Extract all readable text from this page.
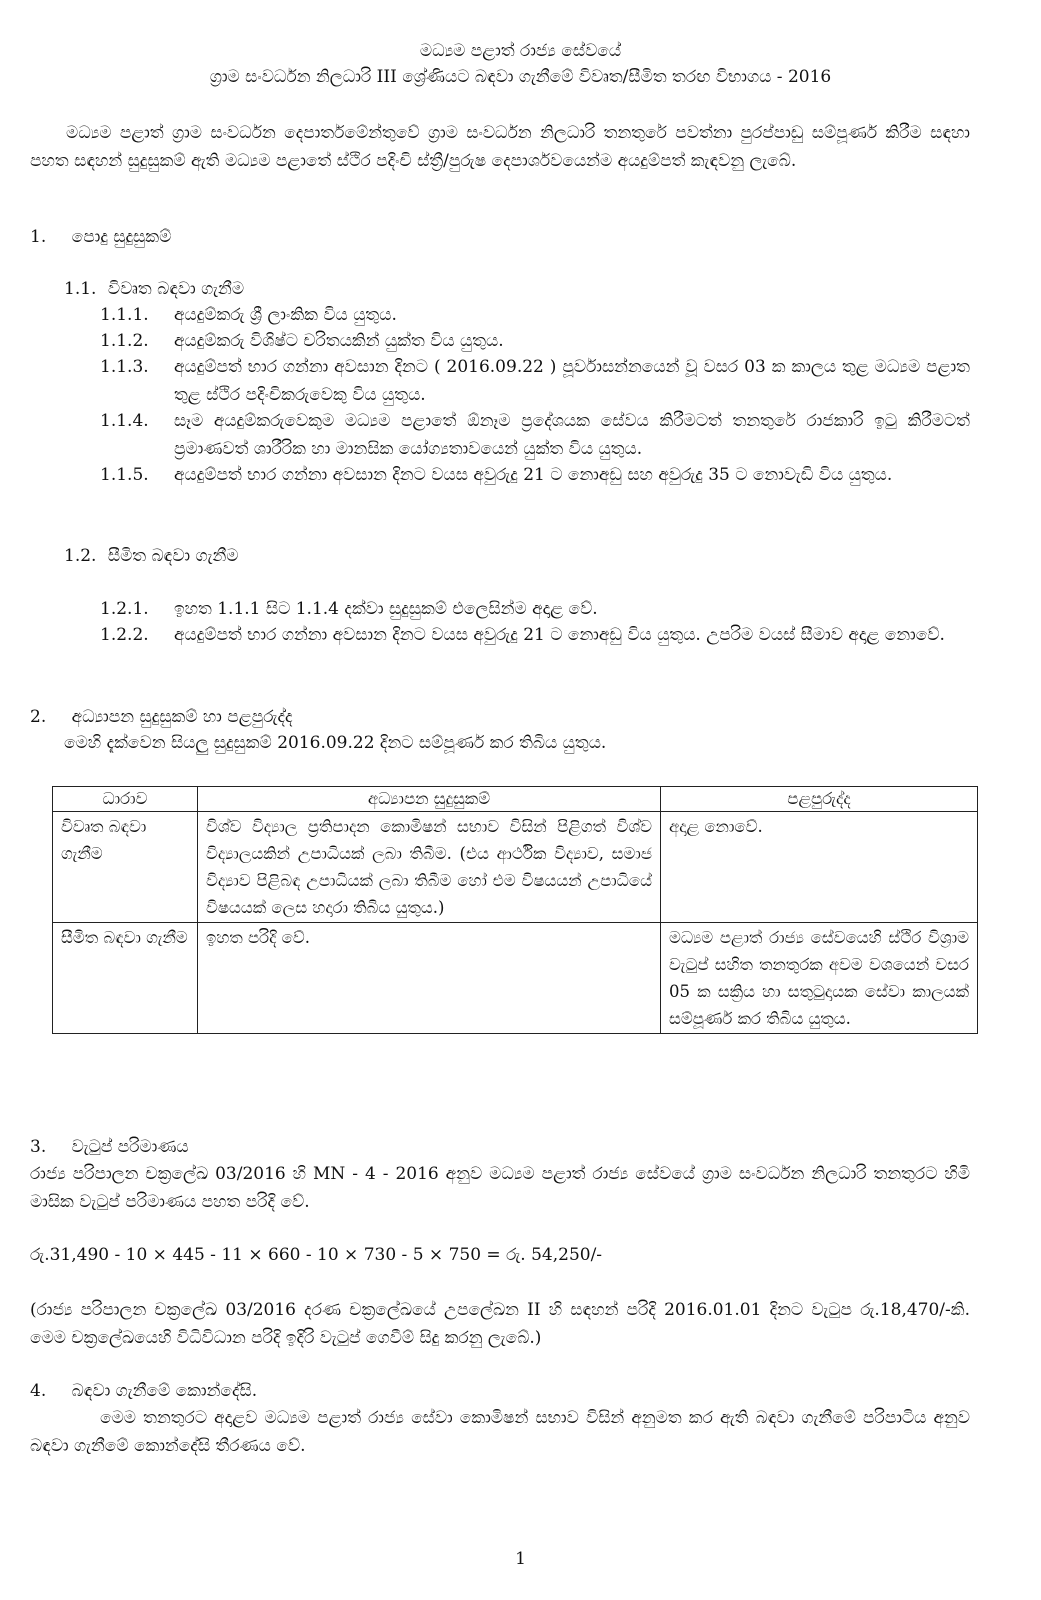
මධ්‍යම පළාත් රාජ්‍ය සේවයේ
ග්‍රාම සංවර්ධන නිලධාරි III ශ්‍රේණියට බඳවා ගැනීමේ විවෘත/සීමිත තරඟ විභාගය - 2016
මධ්‍යම පළාත් ග්‍රාම සංවර්ධන දෙපාර්තමේන්තුවේ ග්‍රාම සංවර්ධන නිලධාරි තනතුරේ පවත්නා පුරප්පාඩු සම්පූර්ණ කිරීම සඳහා පහත සඳහන් සුදුසුකම් ඇති මධ්‍යම පළාතේ ස්ථිර පදිංචි ස්ත්‍රී/පුරුෂ දෙපාර්ශවයෙන්ම අයදුම්පත් කැඳවනු ලැබේ.
1. පොදු සුදුසුකම්
1.1. විවෘත බඳවා ගැනීම
1.1.1.	අයදුම්කරු ශ්‍රී ලාංකික විය යුතුය.
1.1.2.	අයදුම්කරු විශිෂ්ට චරිතයකින් යුක්ත විය යුතුය.
1.1.3.	අයදුම්පත් භාර ගන්නා අවසාන දිනට ( 2016.09.22 ) පූර්වාසන්නයෙන් වූ වසර 03 ක කාලය තුළ මධ්‍යම පළාත තුළ ස්ථිර පදිංචිකරුවෙකු විය යුතුය.
1.1.4.	සෑම අයදුම්කරුවෙකුම මධ්‍යම පළාතේ ඕනෑම ප්‍රදේශයක සේවය කිරීමටත් තනතුරේ රාජකාරි ඉටු කිරීමටත් ප්‍රමාණවත් ශාරීරික හා මානසික යෝග්‍යතාවයෙන් යුක්ත විය යුතුය.
1.1.5.	අයදුම්පත් භාර ගන්නා අවසාන දිනට වයස අවුරුදු 21 ට නොඅඩු සහ අවුරුදු 35 ට නොවැඩි විය යුතුය.
1.2. සීමිත බඳවා ගැනීම
1.2.1.	ඉහත 1.1.1 සිට 1.1.4 දක්වා සුදුසුකම් එලෙසින්ම අදාළ වේ.
1.2.2.	අයදුම්පත් භාර ගන්නා අවසාන දිනට වයස අවුරුදු 21 ට නොඅඩු විය යුතුය. උපරිම වයස් සීමාව අදාළ නොවේ.
2. අධ්‍යාපන සුදුසුකම් හා පළපුරුද්ද
මෙහි දැක්වෙන සියලු සුදුසුකම් 2016.09.22 දිනට සම්පූර්ණ කර තිබිය යුතුය.
ධාරාව	අධ්‍යාපන සුදුසුකම්	පළපුරුද්ද
විවෘත බඳවා ගැනීම	විශ්ව විද්‍යාල ප්‍රතිපාදන කොමිෂන් සභාව විසින් පිළිගත් විශ්ව විද්‍යාලයකින් උපාධියක් ලබා තිබීම. (එය ආර්ථික විද්‍යාව, සමාජ විද්‍යාව පිළිබඳ උපාධියක් ලබා තිබීම හෝ එම විෂයයන් උපාධියේ විෂයයක් ලෙස හදාරා තිබිය යුතුය.)	අදාළ නොවේ.
සීමිත බඳවා ගැනීම	ඉහත පරිදි වේ.	මධ්‍යම පළාත් රාජ්‍ය සේවයෙහි ස්ථිර විශ්‍රාම වැටුප් සහිත තනතුරක අවම වශයෙන් වසර 05 ක සක්‍රිය හා සතුටුදායක සේවා කාලයක් සම්පූර්ණ කර තිබිය යුතුය.
3. වැටුප් පරිමාණය
රාජ්‍ය පරිපාලන චක්‍රලේඛ 03/2016 හි MN - 4 - 2016 අනුව මධ්‍යම පළාත් රාජ්‍ය සේවයේ ග්‍රාම සංවර්ධන නිලධාරි තනතුරට හිමි මාසික වැටුප් පරිමාණය පහත පරිදි වේ.
රු.31,490 - 10 × 445 - 11 × 660 - 10 × 730 - 5 × 750 = රු. 54,250/-
(රාජ්‍ය පරිපාලන චක්‍රලේඛ 03/2016 දරණ චක්‍රලේඛයේ උපලේඛන II හි සඳහන් පරිදි 2016.01.01 දිනට වැටුප රු.18,470/-කි. මෙම චක්‍රලේඛයෙහි විධිවිධාන පරිදි ඉදිරි වැටුප් ගෙවීම් සිදු කරනු ලැබේ.)
4. බඳවා ගැනීමේ කොන්දේසි.
මෙම තනතුරට අදාළව මධ්‍යම පළාත් රාජ්‍ය සේවා කොමිෂන් සභාව විසින් අනුමත කර ඇති බඳවා ගැනීමේ පරිපාටිය අනුව බඳවා ගැනීමේ කොන්දේසි තීරණය වේ.
1
